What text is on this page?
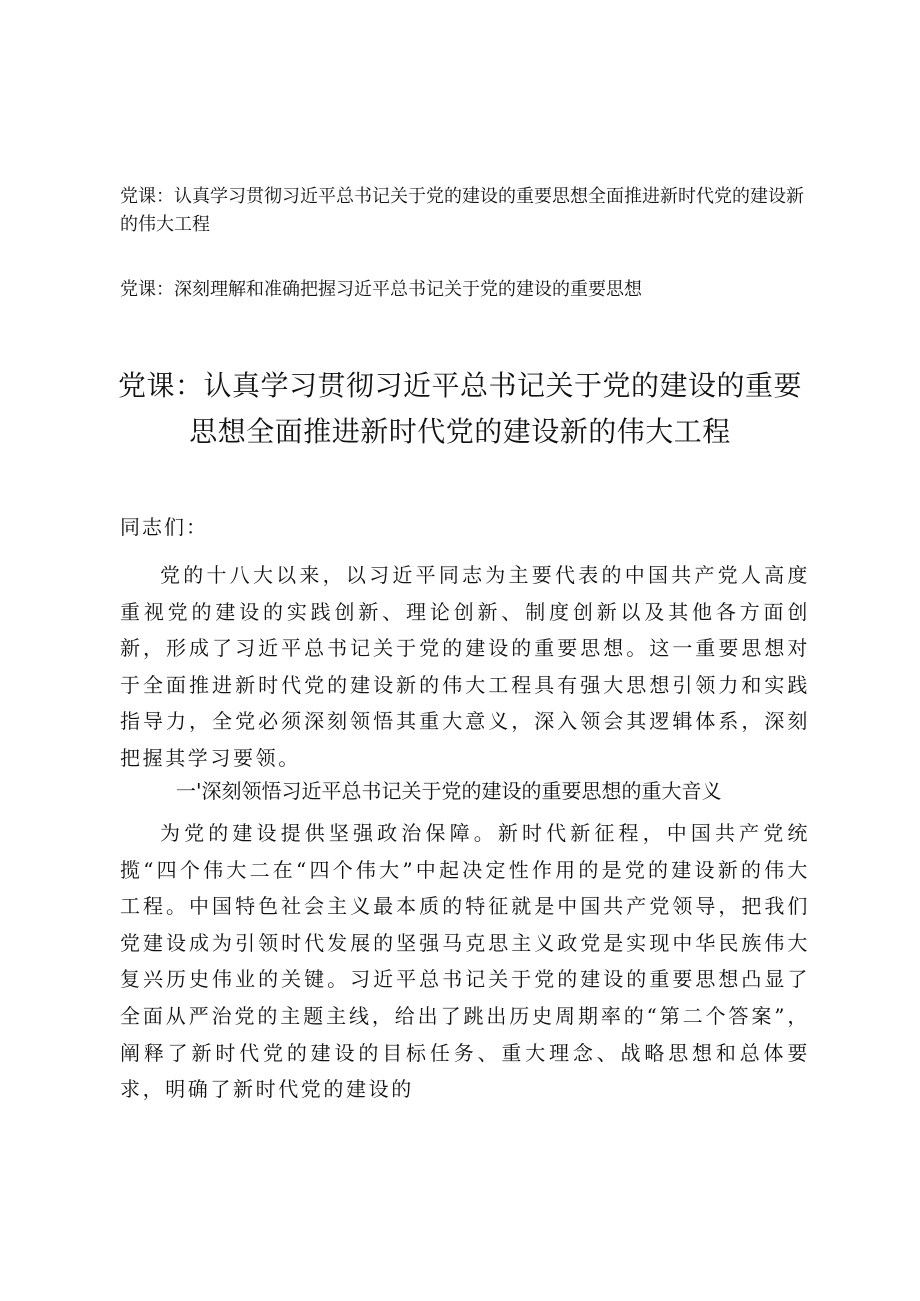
党课：认真学习贯彻习近平总书记关于党的建设的重要思想全面推进新时代党的建设新的伟大工程
党课：深刻理解和准确把握习近平总书记关于党的建设的重要思想
党课：认真学习贯彻习近平总书记关于党的建设的重要
思想全面推进新时代党的建设新的伟大工程
同志们：
党的十八大以来，以习近平同志为主要代表的中国共产党人高度重视党的建设的实践创新、理论创新、制度创新以及其他各方面创新，形成了习近平总书记关于党的建设的重要思想。这一重要思想对于全面推进新时代党的建设新的伟大工程具有强大思想引领力和实践指导力，全党必须深刻领悟其重大意义，深入领会其逻辑体系，深刻把握其学习要领。
一'深刻领悟习近平总书记关于党的建设的重要思想的重大音义
为党的建设提供坚强政治保障。新时代新征程，中国共产党统揽“四个伟大二在“四个伟大”中起决定性作用的是党的建设新的伟大工程。中国特色社会主义最本质的特征就是中国共产党领导，把我们党建设成为引领时代发展的坚强马克思主义政党是实现中华民族伟大复兴历史伟业的关键。习近平总书记关于党的建设的重要思想凸显了全面从严治党的主题主线，给出了跳出历史周期率的“第二个答案”，阐释了新时代党的建设的目标任务、重大理念、战略思想和总体要求，明确了新时代党的建设的
